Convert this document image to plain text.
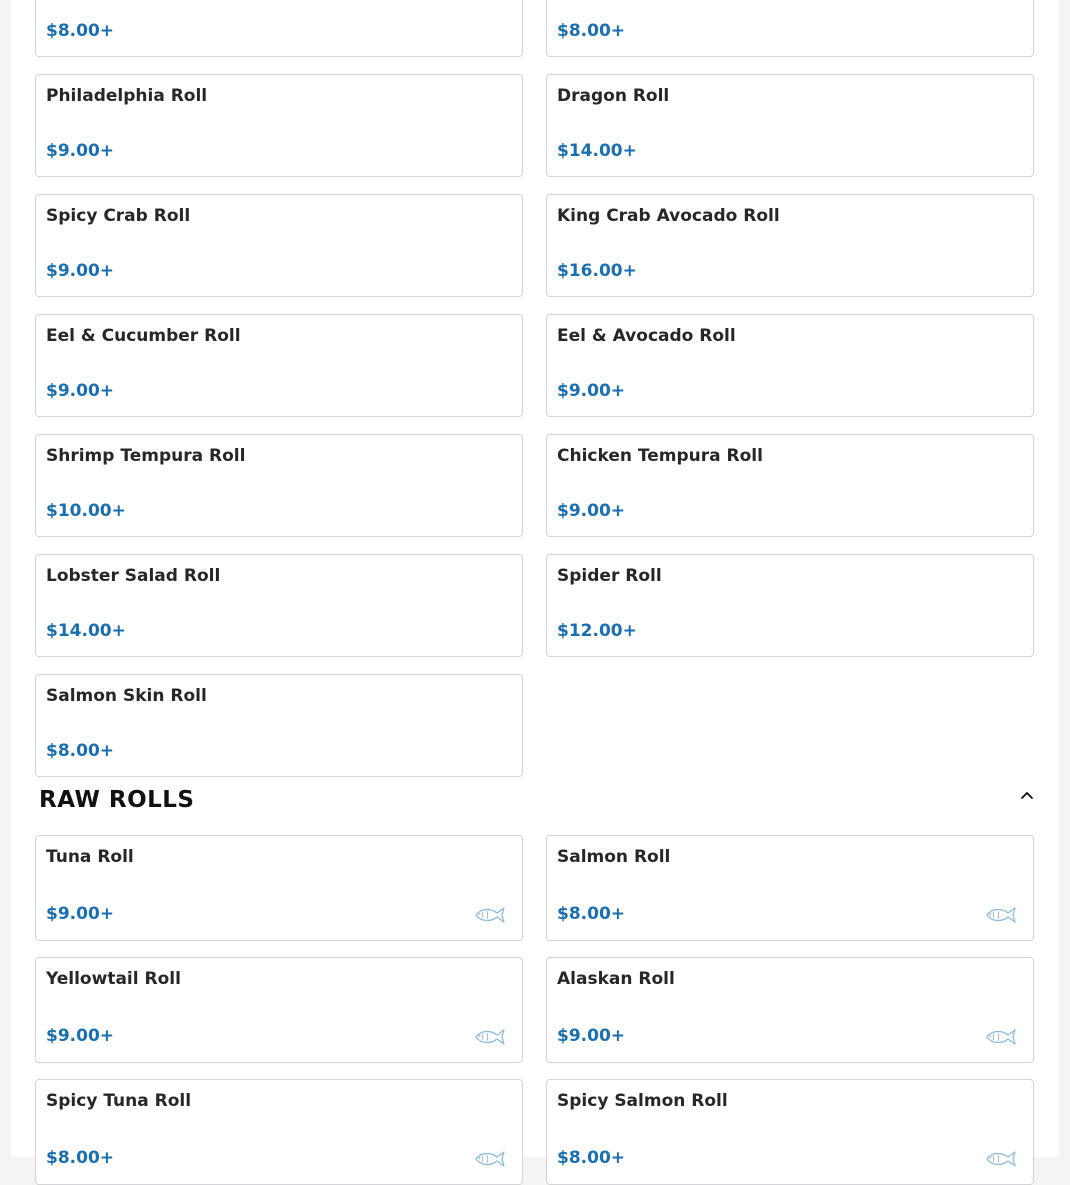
$8.00+	$8.00+
Philadelphia Roll
$9.00+
Dragon Roll
$14.00+
Spicy Crab Roll
$9.00+
King Crab Avocado Roll
$16.00+
Eel & Cucumber Roll
$9.00+
Eel & Avocado Roll
$9.00+
Shrimp Tempura Roll
$10.00+
Chicken Tempura Roll
$9.00+
Lobster Salad Roll
$14.00+
Spider Roll
$12.00+
Salmon Skin Roll
$8.00+
RAW ROLLS
Tuna Roll
$9.00+
Salmon Roll
$8.00+
Yellowtail Roll
$9.00+
Alaskan Roll
$9.00+
Spicy Tuna Roll
$8.00+
Spicy Salmon Roll
$8.00+
